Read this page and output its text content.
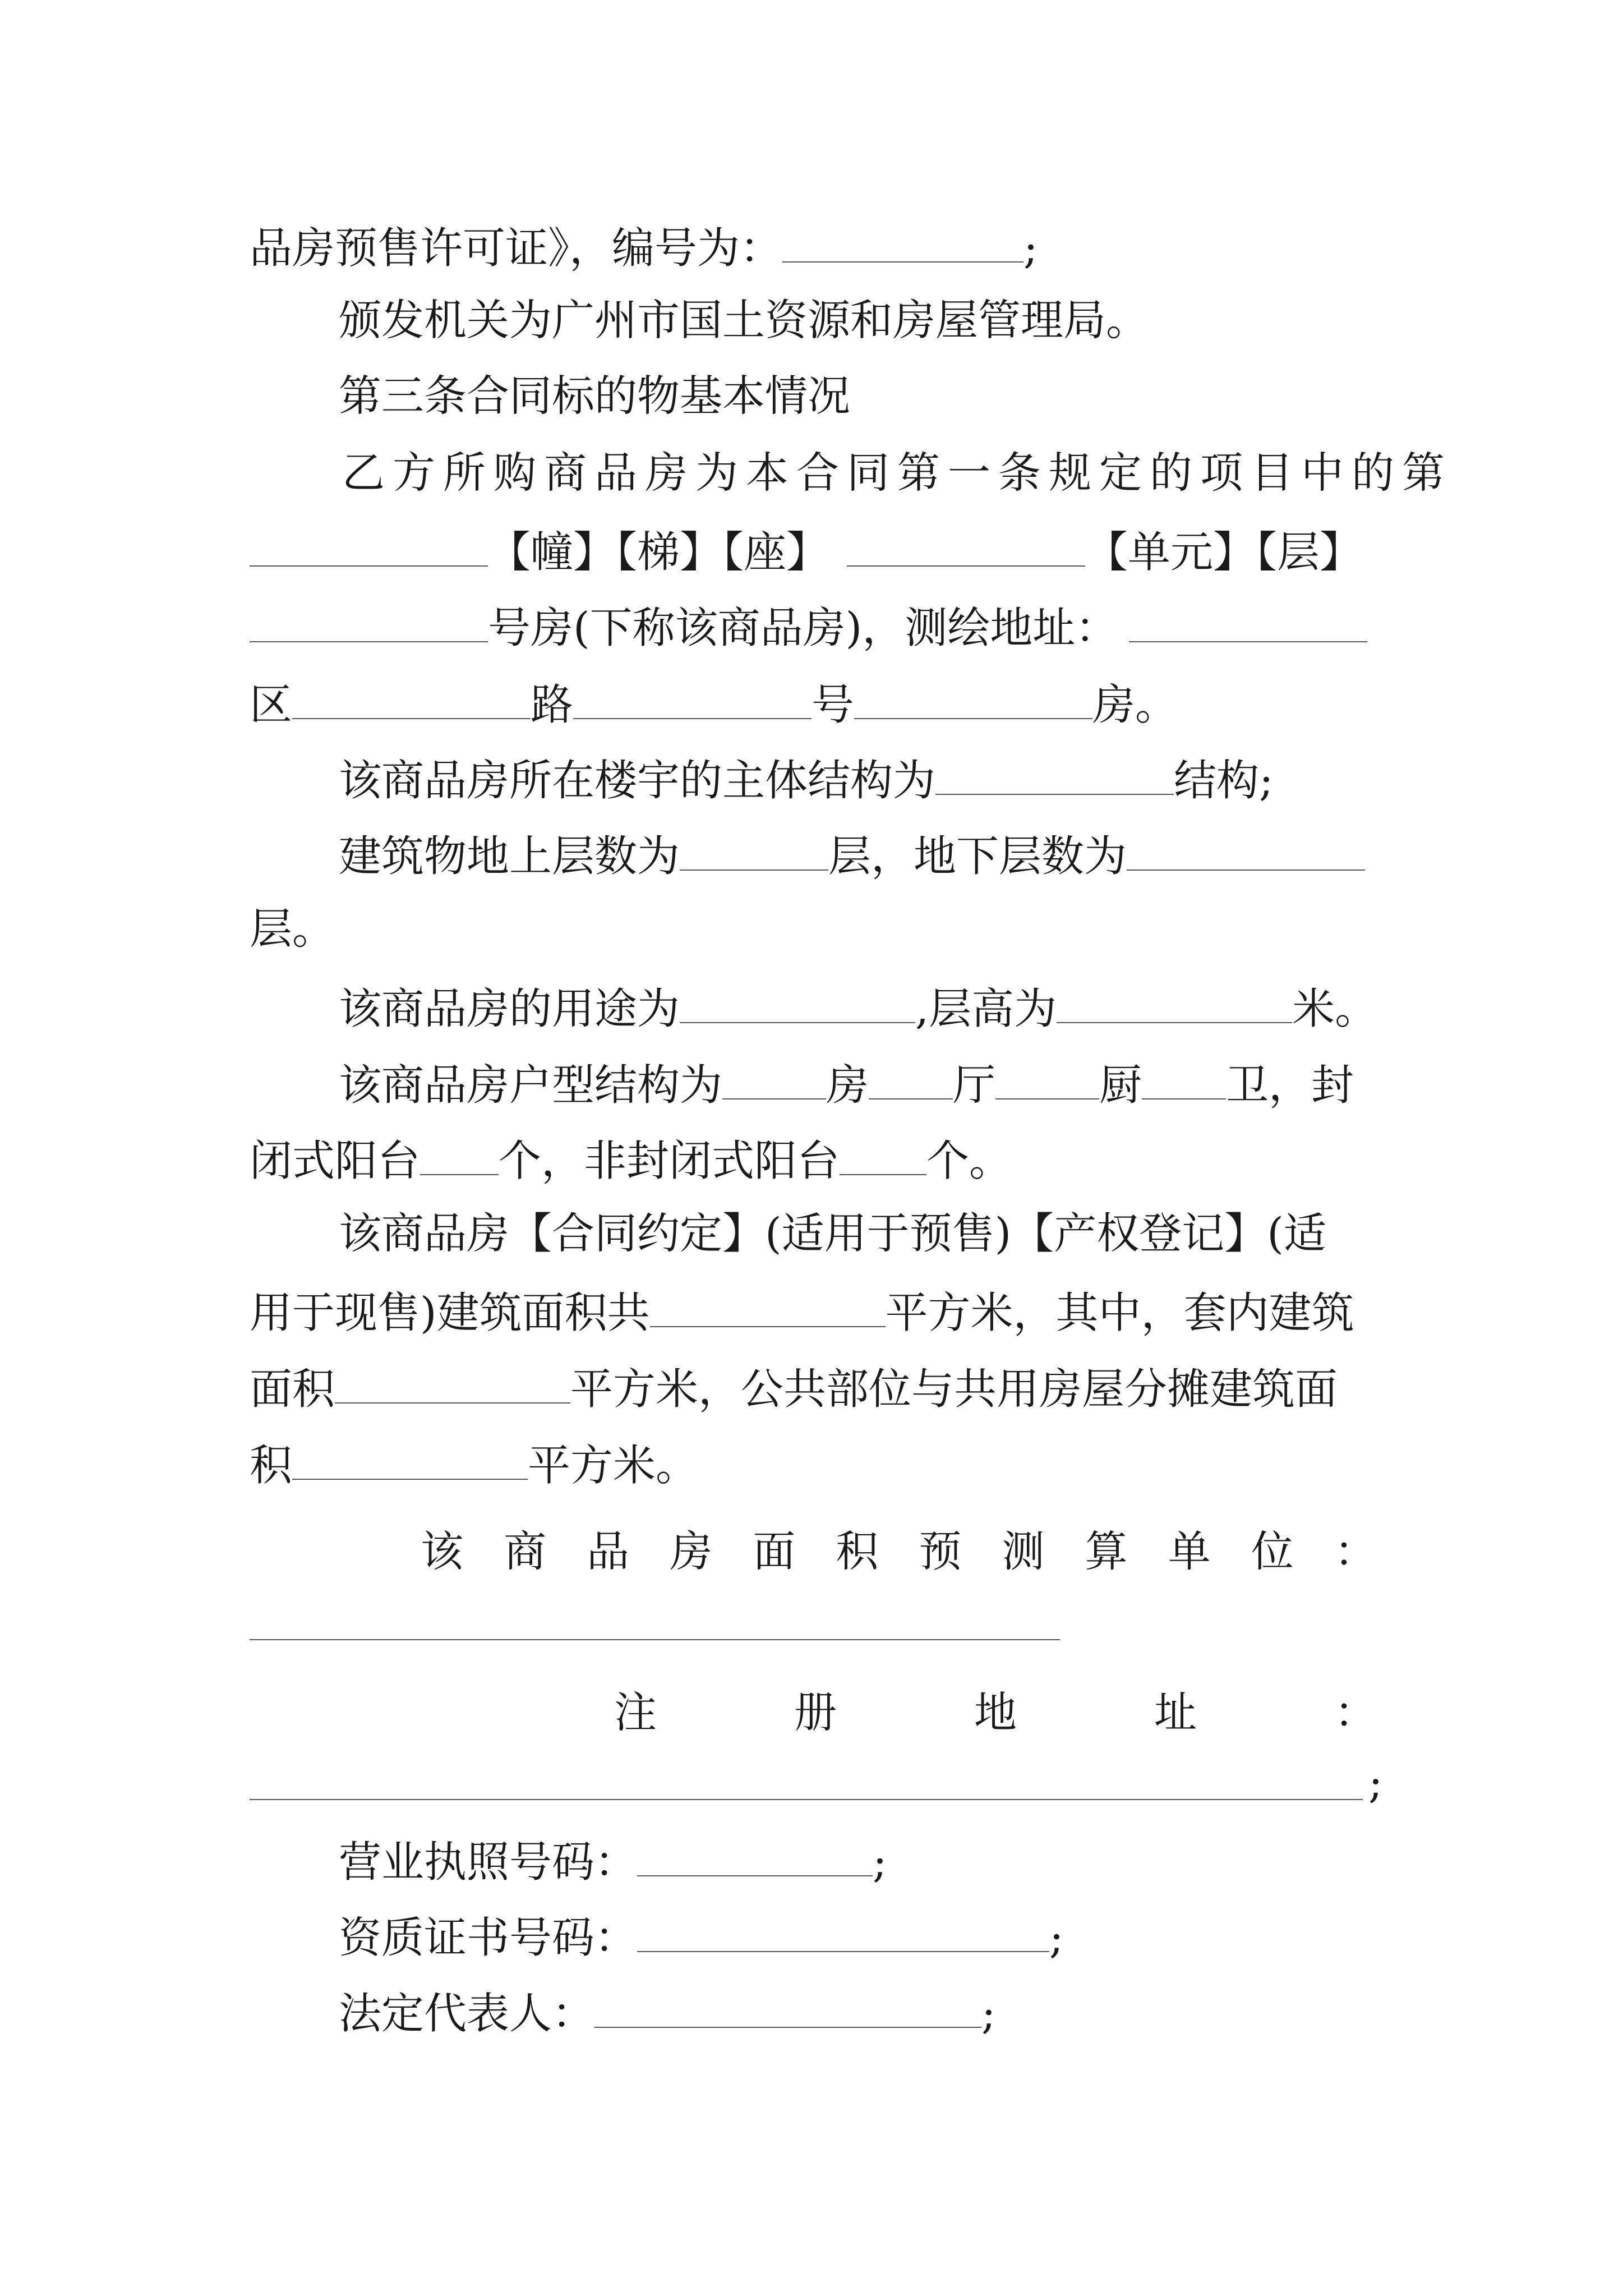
品房预售许可证》，编号为：	;
颁发机关为广州市国土资源和房屋管理局。
第三条合同标的物基本情况
乙方所购商品房为本合同第一条规定的项目中的第
【幢】【梯】【座】	【单元】【层】
号房(下称该商品房)，测绘地址：
区	路	号	房。
该商品房所在楼宇的主体结构为	结构;
建筑物地上层数为	层，地下层数为
层。
该商品房的用途为	,层高为	米。
该商品房户型结构为 房 厅 厨 卫，封
闭式阳台 个，非封闭式阳台 个。
该商品房【合同约定】(适用于预售)【产权登记】(适
用于现售)建筑面积共	平方米，其中，套内建筑
面积	平方米，公共部位与共用房屋分摊建筑面
积	平方米。
该 商 品 房 面 积 预 测 算 单 位 ：
注	册	地	址	：
;
营业执照号码：	;
资质证书号码：	;
法定代表人：	;
